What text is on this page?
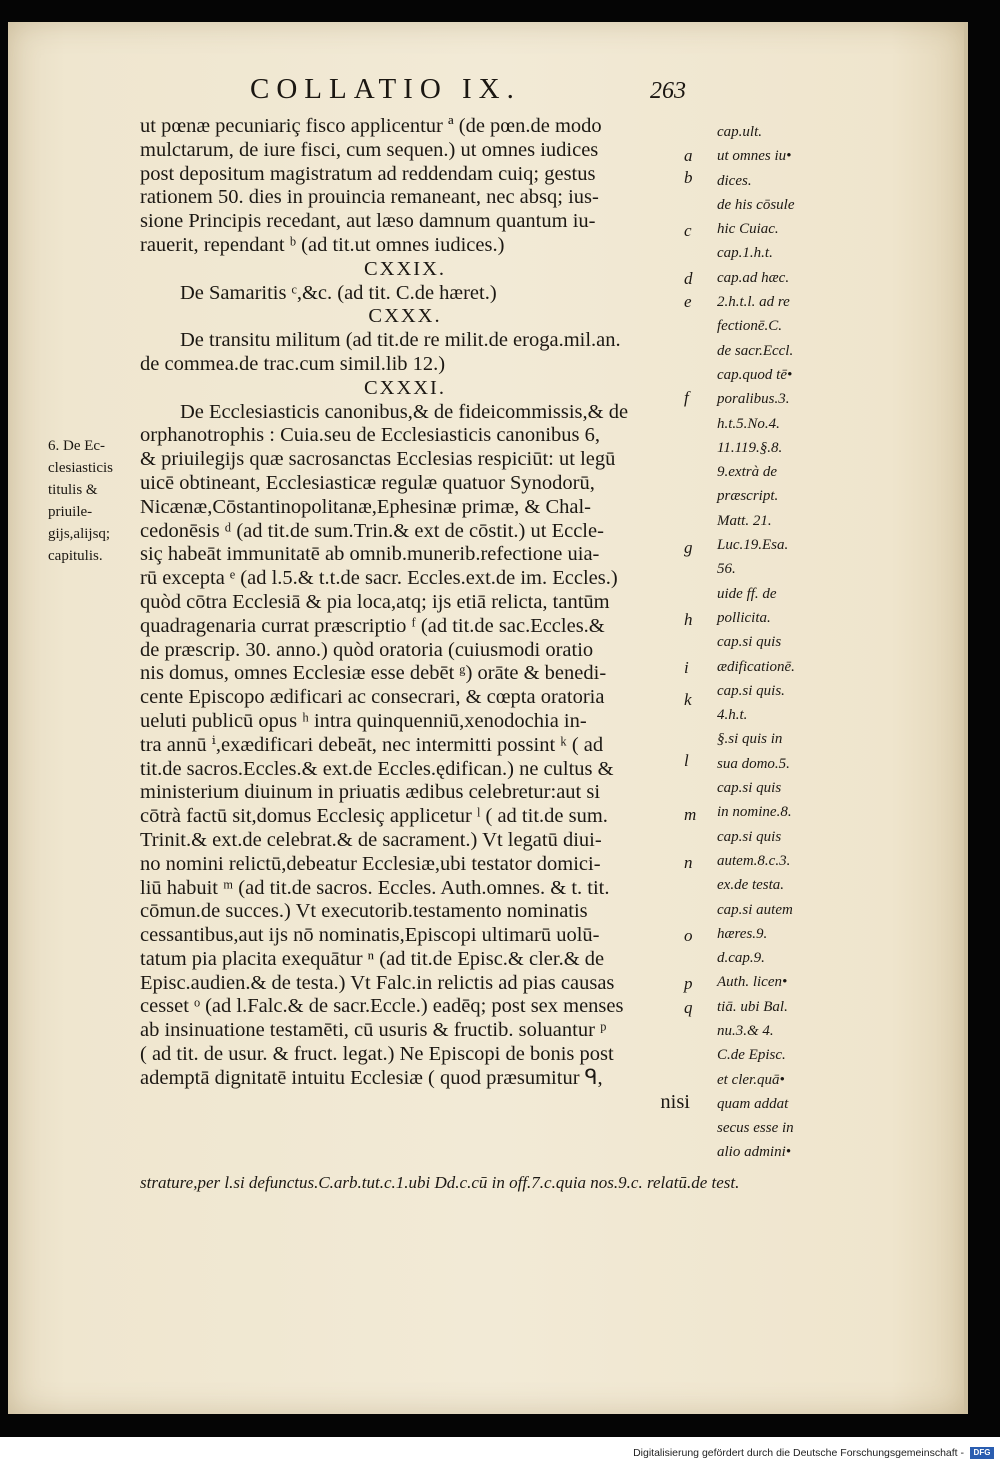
COLLATIO IX.	263
ut pœnæ pecuniariç fisco applicentur ª (de pœn.de modo
mulctarum, de iure fisci, cum sequen.) ut omnes iudices
post depositum magistratum ad reddendam cuiq; gestus
rationem 50. dies in prouincia remaneant, nec absq; ius-
sione Principis recedant, aut læso damnum quantum iu-
rauerit, rependant ᵇ (ad tit.ut omnes iudices.)
CXXIX.
De Samaritis ᶜ,&c. (ad tit. C.de hæret.)
CXXX.
De transitu militum (ad tit.de re milit.de eroga.mil.an.
de commea.de trac.cum simil.lib 12.)
CXXXI.
De Ecclesiasticis canonibus,& de fideicommissis,& de
orphanotrophis : Cuia.seu de Ecclesiasticis canonibus 6,
& priuilegijs quæ sacrosanctas Ecclesias respiciūt: ut legū
uicē obtineant, Ecclesiasticæ regulæ quatuor Synodorū,
Nicænæ,Cōstantinopolitanæ,Ephesinæ primæ, & Chal-
cedonēsis ᵈ (ad tit.de sum.Trin.& ext de cōstit.) ut Eccle-
siç habeāt immunitatē ab omnib.munerib.refectione uia-
rū excepta ᵉ (ad l.5.& t.t.de sacr. Eccles.ext.de im. Eccles.)
quòd cōtra Ecclesiā & pia loca,atq; ijs etiā relicta, tantūm
quadragenaria currat præscriptio ᶠ (ad tit.de sac.Eccles.&
de præscrip. 30. anno.) quòd oratoria (cuiusmodi oratio
nis domus, omnes Ecclesiæ esse debēt ᵍ) orāte & benedi-
cente Episcopo ædificari ac consecrari, & cœpta oratoria
ueluti publicū opus ʰ intra quinquenniū,xenodochia in-
tra annū ⁱ,exædificari debeāt, nec intermitti possint ᵏ ( ad
tit.de sacros.Eccles.& ext.de Eccles.ędifican.) ne cultus &
ministerium diuinum in priuatis ædibus celebretur:aut si
cōtrà factū sit,domus Ecclesiç applicetur ˡ ( ad tit.de sum.
Trinit.& ext.de celebrat.& de sacrament.) Vt legatū diui-
no nomini relictū,debeatur Ecclesiæ,ubi testator domici-
liū habuit ᵐ (ad tit.de sacros. Eccles. Auth.omnes. & t. tit.
cōmun.de succes.) Vt executorib.testamento nominatis
cessantibus,aut ijs nō nominatis,Episcopi ultimarū uolū-
tatum pia placita exequātur ⁿ (ad tit.de Episc.& cler.& de
Episc.audien.& de testa.) Vt Falc.in relictis ad pias causas
cesset ᵒ (ad l.Falc.& de sacr.Eccle.) eadēq; post sex menses
ab insinuatione testamēti, cū usuris & fructib. soluantur ᵖ
( ad tit. de usur. & fruct. legat.) Ne Episcopi de bonis post
ademptā dignitatē intuitu Ecclesiæ ( quod præsumitur ᑫ,
nisi
6. De Ec-
clesiasticis
titulis &
priuile-
gijs,alijsq;
capitulis.
a
b
c
d
e
f
g
h
i
k
l
m
n
o
p
q
cap.ult.
ut omnes iu•
dices.
de his cōsule
hic Cuiac.
cap.1.h.t.
cap.ad hæc.
2.h.t.l. ad re
fectionē.C.
de sacr.Eccl.
cap.quod tē•
poralibus.3.
h.t.5.No.4.
11.119.§.8.
9.extrà de
præscript.
Matt. 21.
Luc.19.Esa.
56.
uide ff. de
pollicita.
cap.si quis
ædificationē.
cap.si quis.
4.h.t.
§.si quis in
sua domo.5.
cap.si quis
in nomine.8.
cap.si quis
autem.8.c.3.
ex.de testa.
cap.si autem
hæres.9.
d.cap.9.
Auth. licen•
tiā. ubi Bal.
nu.3.& 4.
C.de Episc.
et cler.quā•
quam addat
secus esse in
alio admini•
strature,per l.si defunctus.C.arb.tut.c.1.ubi Dd.c.cū in off.7.c.quia nos.9.c. relatū.de test.
Digitalisierung gefördert durch die Deutsche Forschungsgemeinschaft -	DFG
